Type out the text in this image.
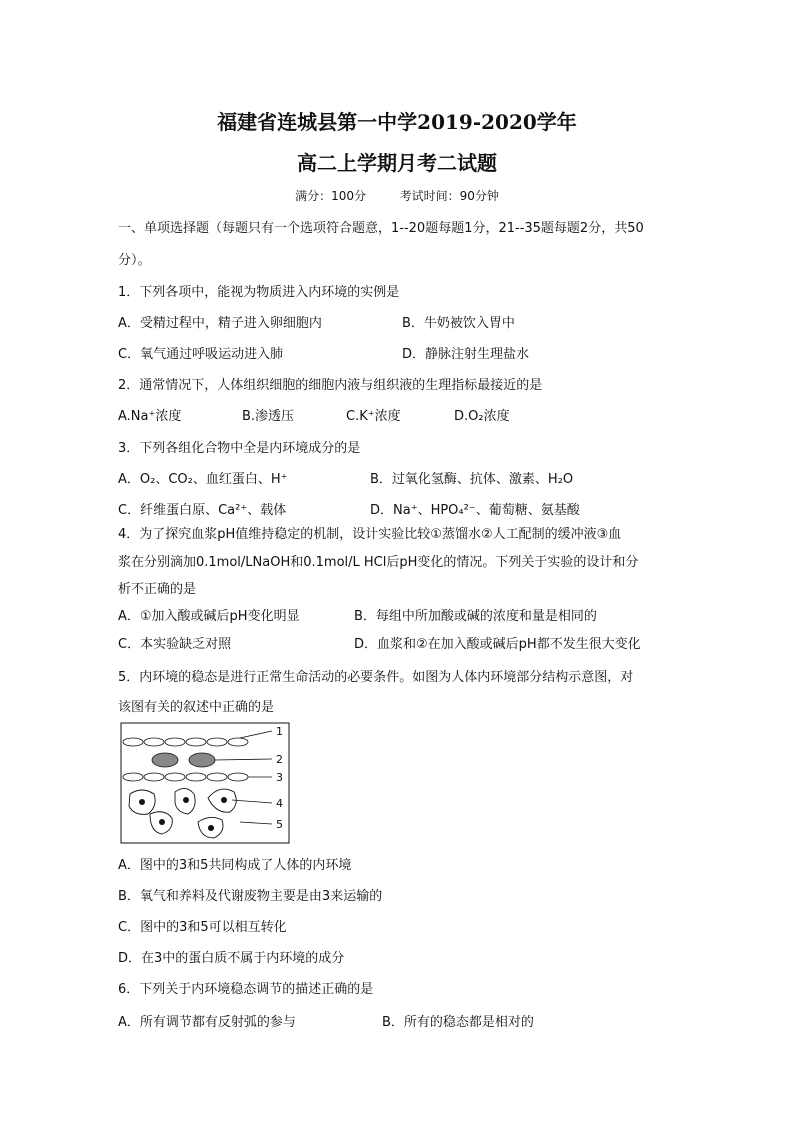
福建省连城县第一中学2019-2020学年
高二上学期月考二试题
满分：100分	考试时间：90分钟
一、单项选择题（每题只有一个选项符合题意，1--20题每题1分，21--35题每题2分，共50
分）。
1．下列各项中，能视为物质进入内环境的实例是
A．受精过程中，精子进入卵细胞内	B．牛奶被饮入胃中
C．氧气通过呼吸运动进入肺	D．静脉注射生理盐水
2．通常情况下，人体组织细胞的细胞内液与组织液的生理指标最接近的是
A.Na⁺浓度	B.渗透压	C.K⁺浓度	D.O₂浓度
3．下列各组化合物中全是内环境成分的是
A．O₂、CO₂、血红蛋白、H⁺	B．过氧化氢酶、抗体、激素、H₂O
C．纤维蛋白原、Ca²⁺、载体	D．Na⁺、HPO₄²⁻、葡萄糖、氨基酸
4．为了探究血浆pH值维持稳定的机制，设计实验比较①蒸馏水②人工配制的缓冲液③血
浆在分别滴加0.1mol/LNaOH和0.1mol/L HCl后pH变化的情况。下列关于实验的设计和分
析不正确的是
A．①加入酸或碱后pH变化明显	B．每组中所加酸或碱的浓度和量是相同的
C．本实验缺乏对照	D．血浆和②在加入酸或碱后pH都不发生很大变化
5．内环境的稳态是进行正常生命活动的必要条件。如图为人体内环境部分结构示意图，对
该图有关的叙述中正确的是
1
2
3
4
5
A．图中的3和5共同构成了人体的内环境
B．氧气和养料及代谢废物主要是由3来运输的
C．图中的3和5可以相互转化
D．在3中的蛋白质不属于内环境的成分
6．下列关于内环境稳态调节的描述正确的是
A．所有调节都有反射弧的参与	B．所有的稳态都是相对的
